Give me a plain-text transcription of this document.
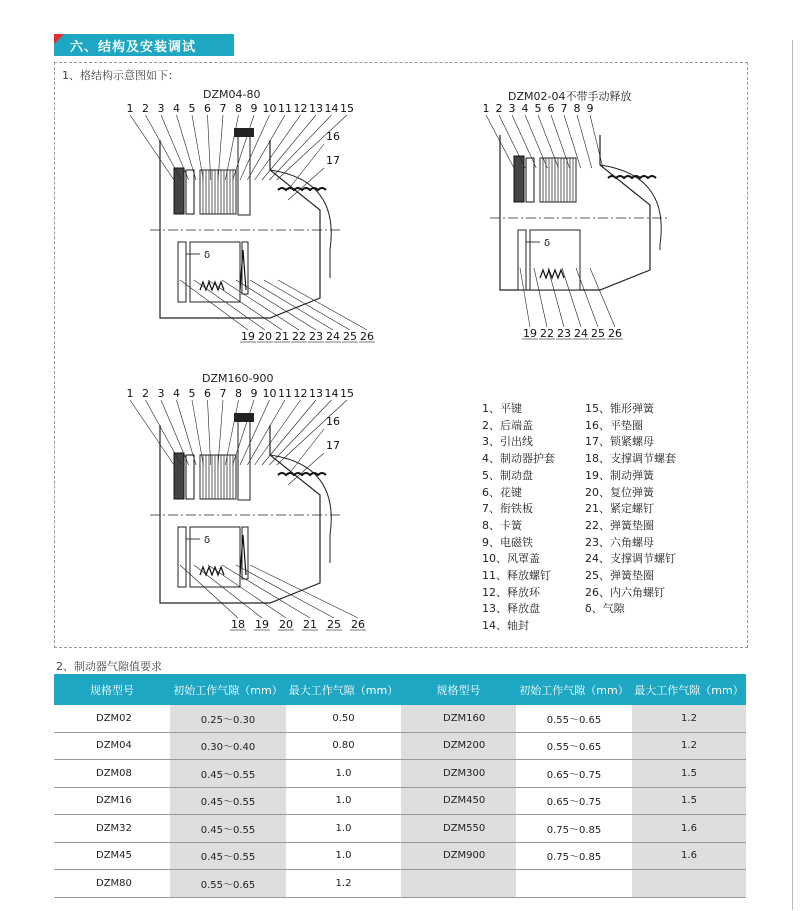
六、结构及安装调试
1、格结构示意图如下：
DZM04-80	DZM02-04不带手动释放
DZM160-900
δ
1 2 3 4 5 6 7 8 9 10 11 12 13 14 15
16
17
19 20 21 22 23 24 25 26
δ
1 2 3 4 5 6 7 8 9
19 22 23 24 25 26
δ
1 2 3 4 5 6 7 8 9 10 11 12 13 14 15
16
17
18 19 20 21 25 26
1、平键
2、后端盖
3、引出线
4、制动器护套
5、制动盘
6、花键
7、衔铁板
8、卡簧
9、电磁铁
10、风罩盖
11、释放螺钉
12、释放环
13、释放盘
14、轴封
15、锥形弹簧
16、平垫圈
17、锁紧螺母
18、支撑调节螺套
19、制动弹簧
20、复位弹簧
21、紧定螺钉
22、弹簧垫圈
23、六角螺母
24、支撑调节螺钉
25、弹簧垫圈
26、内六角螺钉
δ、气隙
2、制动器气隙值要求
规格型号	初始工作气隙（mm）	最大工作气隙（mm）	规格型号	初始工作气隙（mm）	最大工作气隙（mm）
DZM02	0.25～0.30	0.50	DZM160	0.55～0.65	1.2
DZM04	0.30～0.40	0.80	DZM200	0.55～0.65	1.2
DZM08	0.45～0.55	1.0	DZM300	0.65～0.75	1.5
DZM16	0.45～0.55	1.0	DZM450	0.65～0.75	1.5
DZM32	0.45～0.55	1.0	DZM550	0.75～0.85	1.6
DZM45	0.45～0.55	1.0	DZM900	0.75～0.85	1.6
DZM80	0.55～0.65	1.2			
